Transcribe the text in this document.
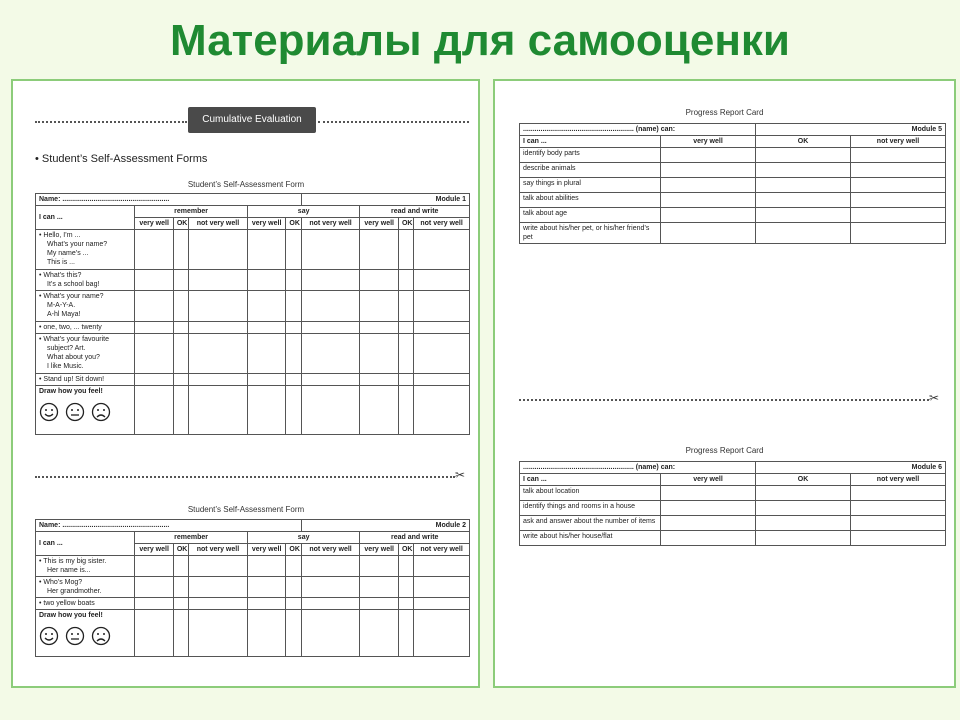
Материалы для самооценки
Cumulative Evaluation
• Student’s Self-Assessment Forms
Student’s Self-Assessment Form
Name: .......................................................						Module 1			
I can ...	remember			say			read and write		
	very well	OK	not very well	very well	OK	not very well	very well	OK	not very well

• Hello, I’m ...
What’s your name?
My name’s ...
This is ...									

• What’s this?
It’s a school bag!									

• What’s your name?
M-A-Y-A.
A-hl Maya!									

• one, two, ... twenty									

• What’s your favourite
subject? Art.
What about you?
I like Music.									

• Stand up! Sit down!									

Draw how you feel!									

✂
Student’s Self-Assessment Form
Name: .......................................................						Module 2			
I can ...	remember			say			read and write		
	very well	OK	not very well	very well	OK	not very well	very well	OK	not very well

• This is my big sister.
Her name is...									

• Who’s Mog?
Her grandmother.									

• two yellow boats									

Draw how you feel!									

Progress Report Card
......................................................... (name) can:		Module 5	
I can ...	very well	OK	not very well
identify body parts			
describe animals			
say things in plural			
talk about abilities			
talk about age			
write about his/her pet, or his/her friend’s pet			
✂
Progress Report Card
......................................................... (name) can:		Module 6	
I can ...	very well	OK	not very well
talk about location			
identify things and rooms in a house			
ask and answer about the number of items			
write about his/her house/flat			
